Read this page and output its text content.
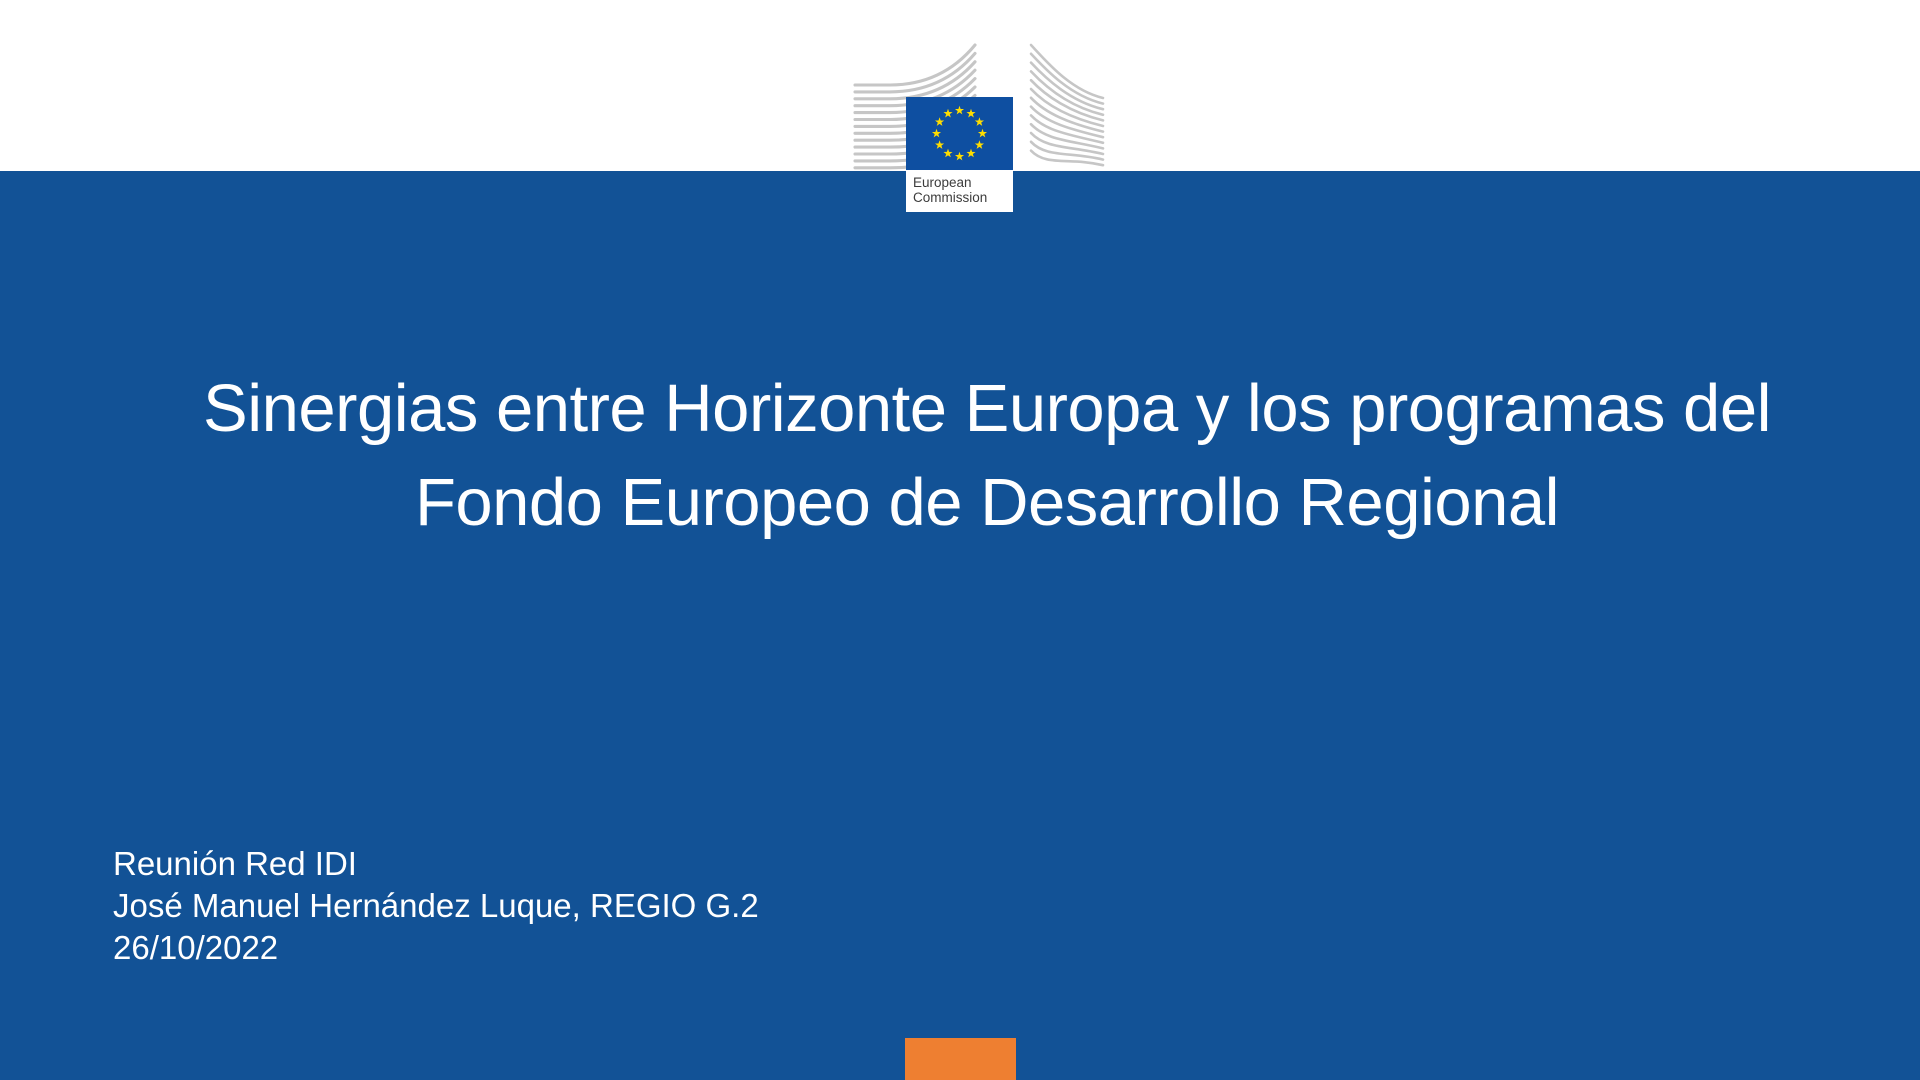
European
Commission
Sinergias entre Horizonte Europa y los programas del
Fondo Europeo de Desarrollo Regional
Reunión Red IDI
José Manuel Hernández Luque, REGIO G.2
26/10/2022
